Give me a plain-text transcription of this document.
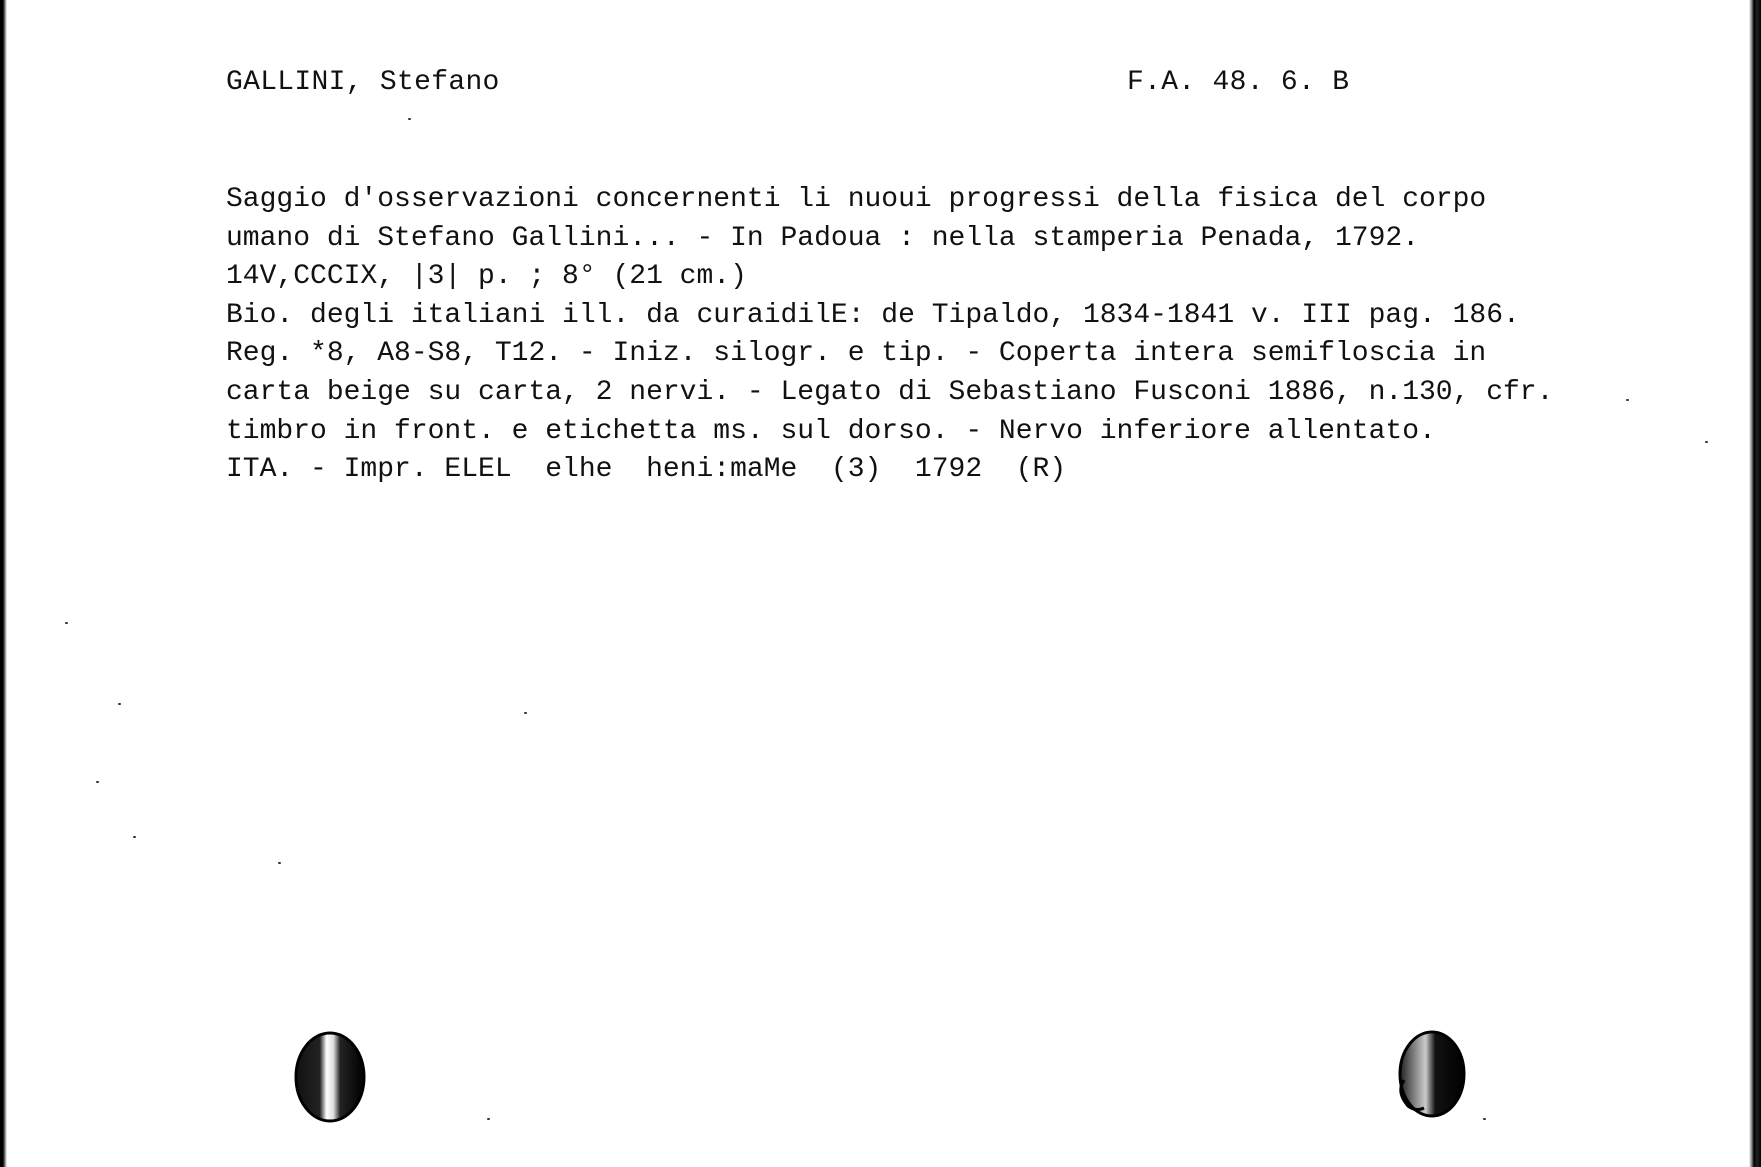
GALLINI, Stefano	F.A. 48. 6. B
Saggio d'osservazioni concernenti li nuoui progressi della fisica del corpo
umano di Stefano Gallini... - In Padoua : nella stamperia Penada, 1792.
14V,CCCIX, |3| p. ; 8° (21 cm.)
Bio. degli italiani ill. da curaidilE: de Tipaldo, 1834-1841 v. III pag. 186.
Reg. *8, A8-S8, T12. - Iniz. silogr. e tip. - Coperta intera semifloscia in
carta beige su carta, 2 nervi. - Legato di Sebastiano Fusconi 1886, n.130, cfr.
timbro in front. e etichetta ms. sul dorso. - Nervo inferiore allentato.
ITA. - Impr. ELEL  elhe  heni:maMe  (3)  1792  (R)
